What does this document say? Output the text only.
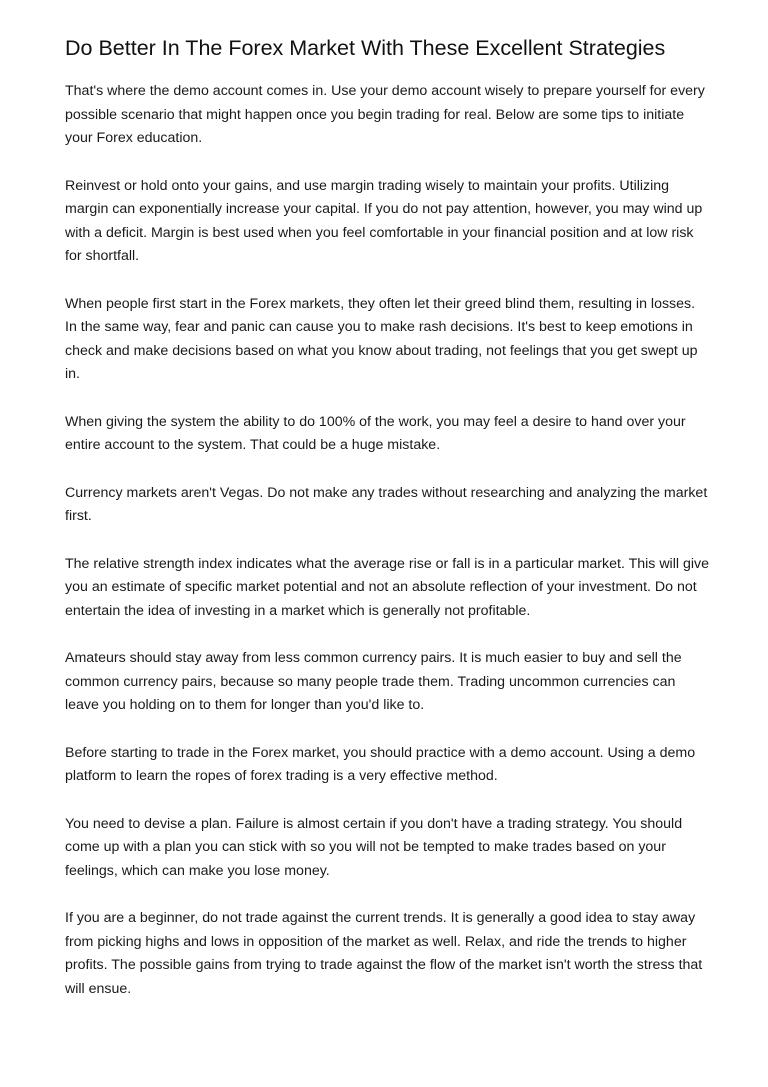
Do Better In The Forex Market With These Excellent Strategies

That's where the demo account comes in. Use your demo account wisely to prepare yourself for every possible scenario that might happen once you begin trading for real. Below are some tips to initiate your Forex education.

Reinvest or hold onto your gains, and use margin trading wisely to maintain your profits. Utilizing margin can exponentially increase your capital. If you do not pay attention, however, you may wind up with a deficit. Margin is best used when you feel comfortable in your financial position and at low risk for shortfall.

When people first start in the Forex markets, they often let their greed blind them, resulting in losses. In the same way, fear and panic can cause you to make rash decisions. It's best to keep emotions in check and make decisions based on what you know about trading, not feelings that you get swept up in.

When giving the system the ability to do 100% of the work, you may feel a desire to hand over your entire account to the system. That could be a huge mistake.

Currency markets aren't Vegas. Do not make any trades without researching and analyzing the market first.

The relative strength index indicates what the average rise or fall is in a particular market. This will give you an estimate of specific market potential and not an absolute reflection of your investment. Do not entertain the idea of investing in a market which is generally not profitable.

Amateurs should stay away from less common currency pairs. It is much easier to buy and sell the common currency pairs, because so many people trade them. Trading uncommon currencies can leave you holding on to them for longer than you'd like to.

Before starting to trade in the Forex market, you should practice with a demo account. Using a demo platform to learn the ropes of forex trading is a very effective method.

You need to devise a plan. Failure is almost certain if you don't have a trading strategy. You should come up with a plan you can stick with so you will not be tempted to make trades based on your feelings, which can make you lose money.

If you are a beginner, do not trade against the current trends. It is generally a good idea to stay away from picking highs and lows in opposition of the market as well. Relax, and ride the trends to higher profits. The possible gains from trying to trade against the flow of the market isn't worth the stress that will ensue.
